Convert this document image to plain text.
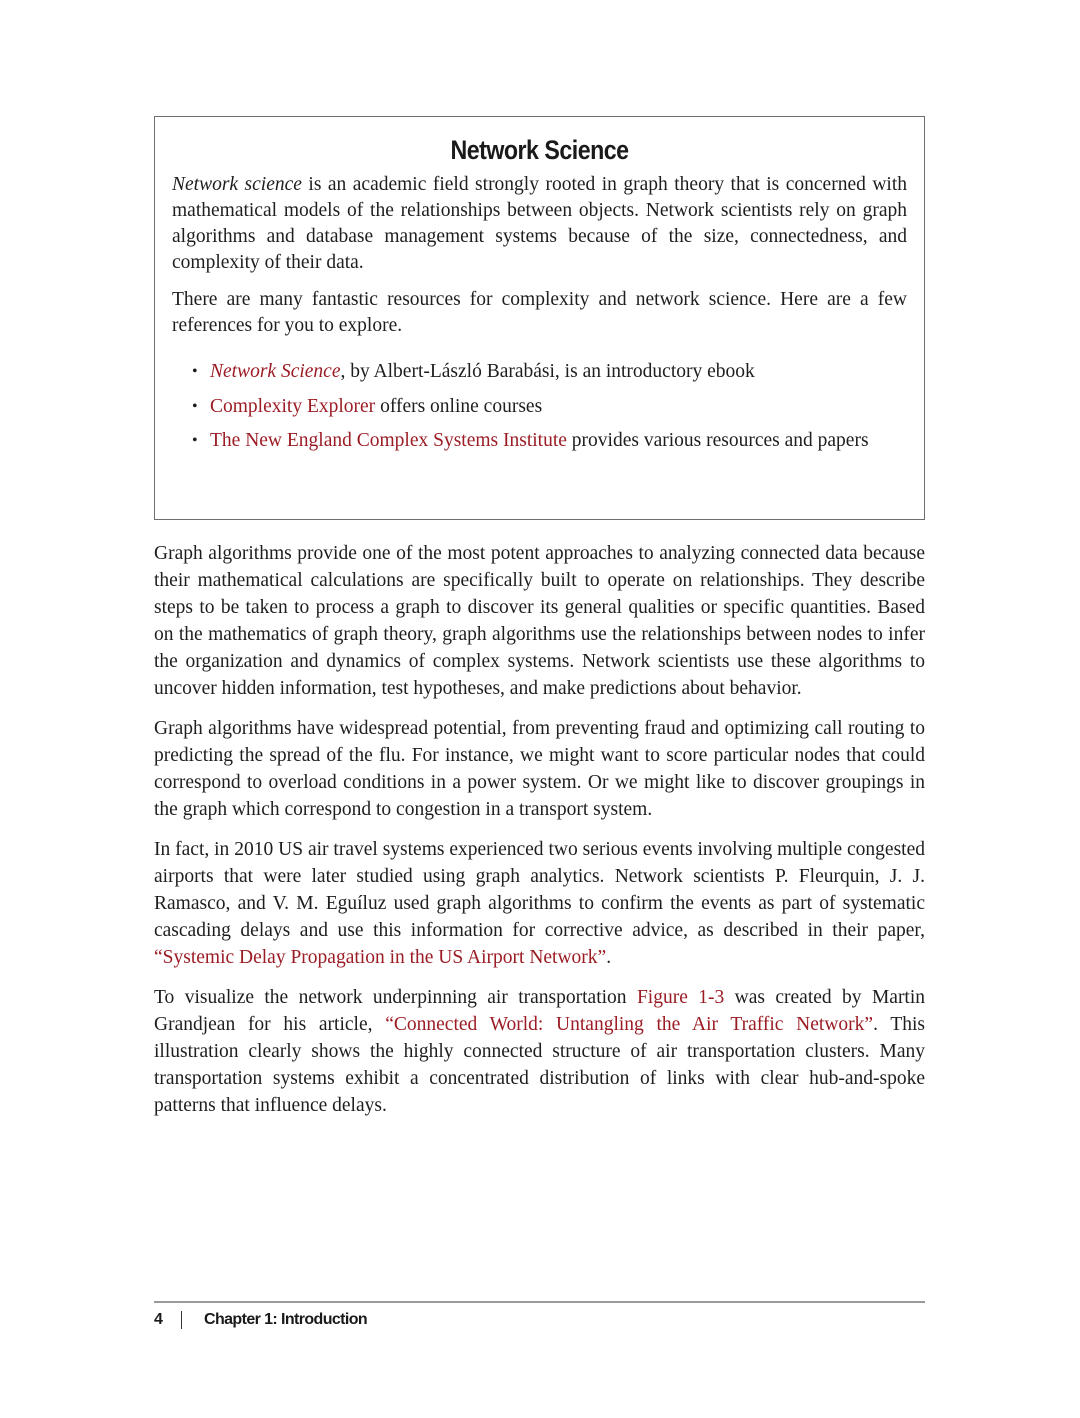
Network Science

Network science is an academic field strongly rooted in graph theory that is concerned with mathematical models of the relationships between objects. Network scientists rely on graph algorithms and database management systems because of the size, connectedness, and complexity of their data.

There are many fantastic resources for complexity and network science. Here are a few references for you to explore.

• Network Science, by Albert-László Barabási, is an introductory ebook
• Complexity Explorer offers online courses
• The New England Complex Systems Institute provides various resources and papers

Graph algorithms provide one of the most potent approaches to analyzing connected data because their mathematical calculations are specifically built to operate on relationships. They describe steps to be taken to process a graph to discover its general qualities or specific quantities. Based on the mathematics of graph theory, graph algorithms use the relationships between nodes to infer the organization and dynamics of complex systems. Network scientists use these algorithms to uncover hidden information, test hypotheses, and make predictions about behavior.

Graph algorithms have widespread potential, from preventing fraud and optimizing call routing to predicting the spread of the flu. For instance, we might want to score particular nodes that could correspond to overload conditions in a power system. Or we might like to discover groupings in the graph which correspond to congestion in a transport system.

In fact, in 2010 US air travel systems experienced two serious events involving multiple congested airports that were later studied using graph analytics. Network scientists P. Fleurquin, J. J. Ramasco, and V. M. Eguíluz used graph algorithms to confirm the events as part of systematic cascading delays and use this information for corrective advice, as described in their paper, “Systemic Delay Propagation in the US Airport Network”.

To visualize the network underpinning air transportation Figure 1-3 was created by Martin Grandjean for his article, “Connected World: Untangling the Air Traffic Network”. This illustration clearly shows the highly connected structure of air transportation clusters. Many transportation systems exhibit a concentrated distribution of links with clear hub-and-spoke patterns that influence delays.

4	Chapter 1: Introduction
